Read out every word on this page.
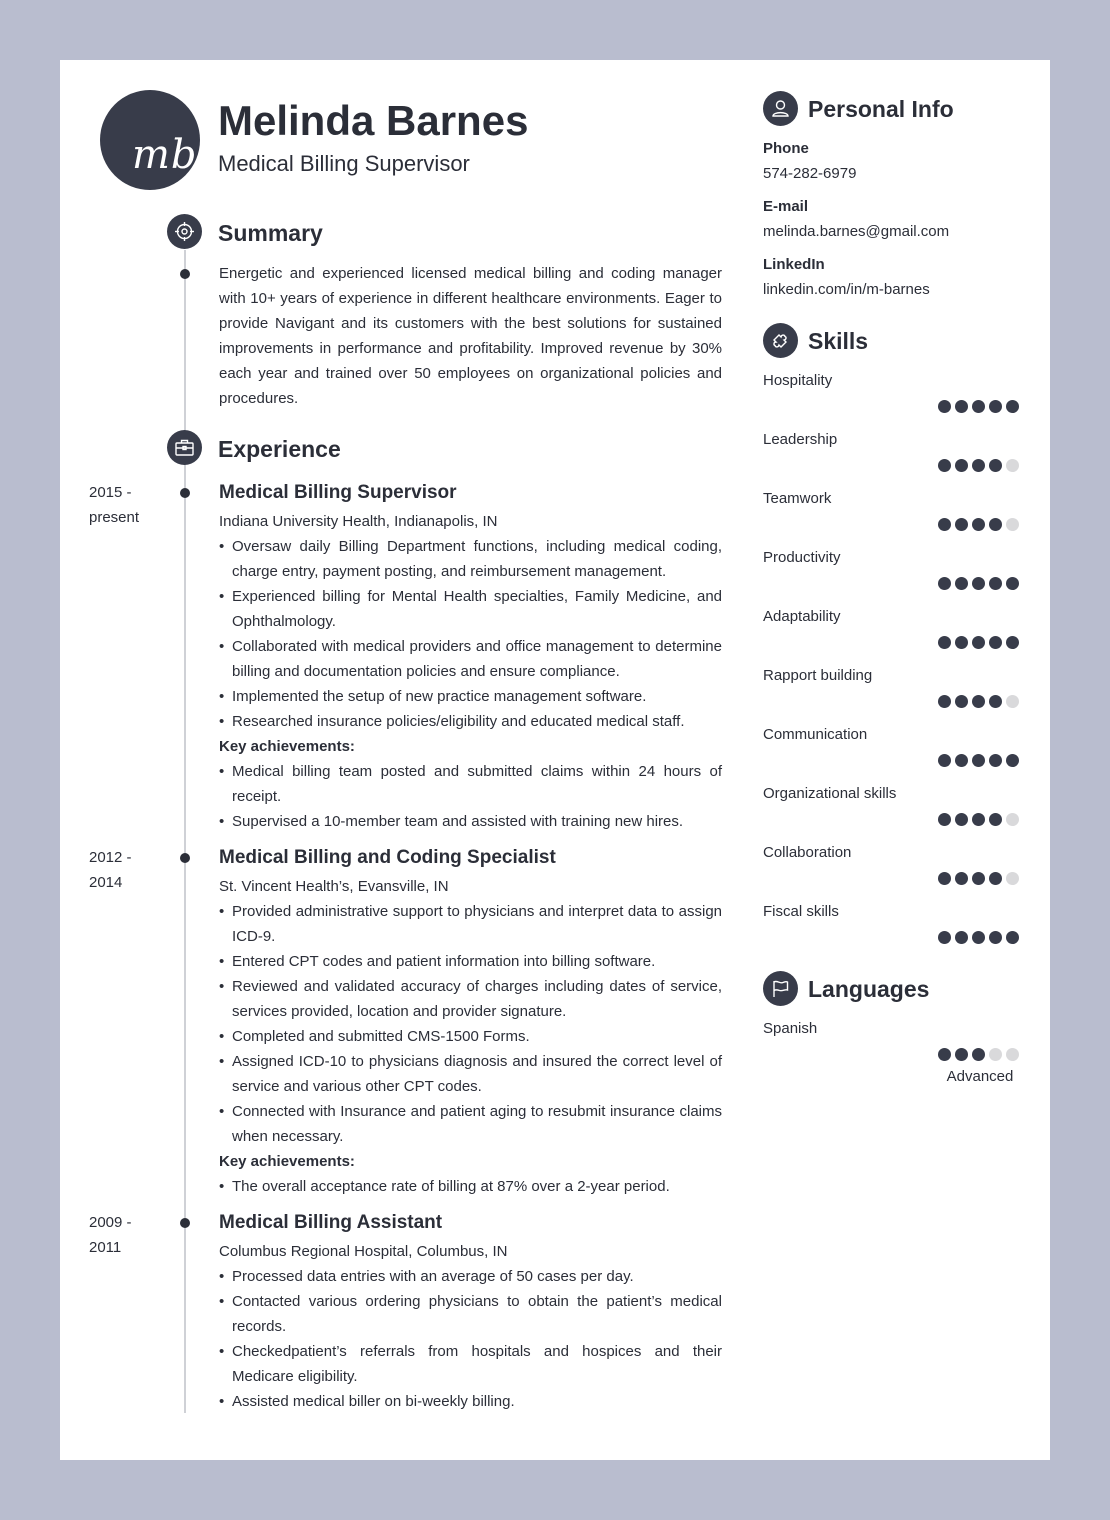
mb
Melinda Barnes
Medical Billing Supervisor
Summary
Energetic and experienced licensed medical billing and coding manager with 10+ years of experience in different healthcare environments. Eager to provide Navigant and its customers with the best solutions for sustained improvements in performance and profitability. Improved revenue by 30% each year and trained over 50 employees on organizational policies and procedures.
Experience
2015 -
present
Medical Billing Supervisor
Indiana University Health, Indianapolis, IN
• Oversaw daily Billing Department functions, including medical coding, charge entry, payment posting, and reimbursement management.
• Experienced billing for Mental Health specialties, Family Medicine, and Ophthalmology.
• Collaborated with medical providers and office management to determine billing and documentation policies and ensure compliance.
• Implemented the setup of new practice management software.
• Researched insurance policies/eligibility and educated medical staff.
Key achievements:
• Medical billing team posted and submitted claims within 24 hours of receipt.
• Supervised a 10-member team and assisted with training new hires.
2012 -
2014
Medical Billing and Coding Specialist
St. Vincent Health’s, Evansville, IN
• Provided administrative support to physicians and interpret data to assign ICD-9.
• Entered CPT codes and patient information into billing software.
• Reviewed and validated accuracy of charges including dates of service, services provided, location and provider signature.
• Completed and submitted CMS-1500 Forms.
• Assigned ICD-10 to physicians diagnosis and insured the correct level of service and various other CPT codes.
• Connected with Insurance and patient aging to resubmit insurance claims when necessary.
Key achievements:
• The overall acceptance rate of billing at 87% over a 2-year period.
2009 -
2011
Medical Billing Assistant
Columbus Regional Hospital, Columbus, IN
• Processed data entries with an average of 50 cases per day.
• Contacted various ordering physicians to obtain the patient’s medical records.
• Checkedpatient’s referrals from hospitals and hospices and their Medicare eligibility.
• Assisted medical biller on bi-weekly billing.
Personal Info
Phone
574-282-6979
E-mail
melinda.barnes@gmail.com
LinkedIn
linkedin.com/in/m-barnes
Skills
Hospitality
Leadership
Teamwork
Productivity
Adaptability
Rapport building
Communication
Organizational skills
Collaboration
Fiscal skills
Languages
Spanish
Advanced
